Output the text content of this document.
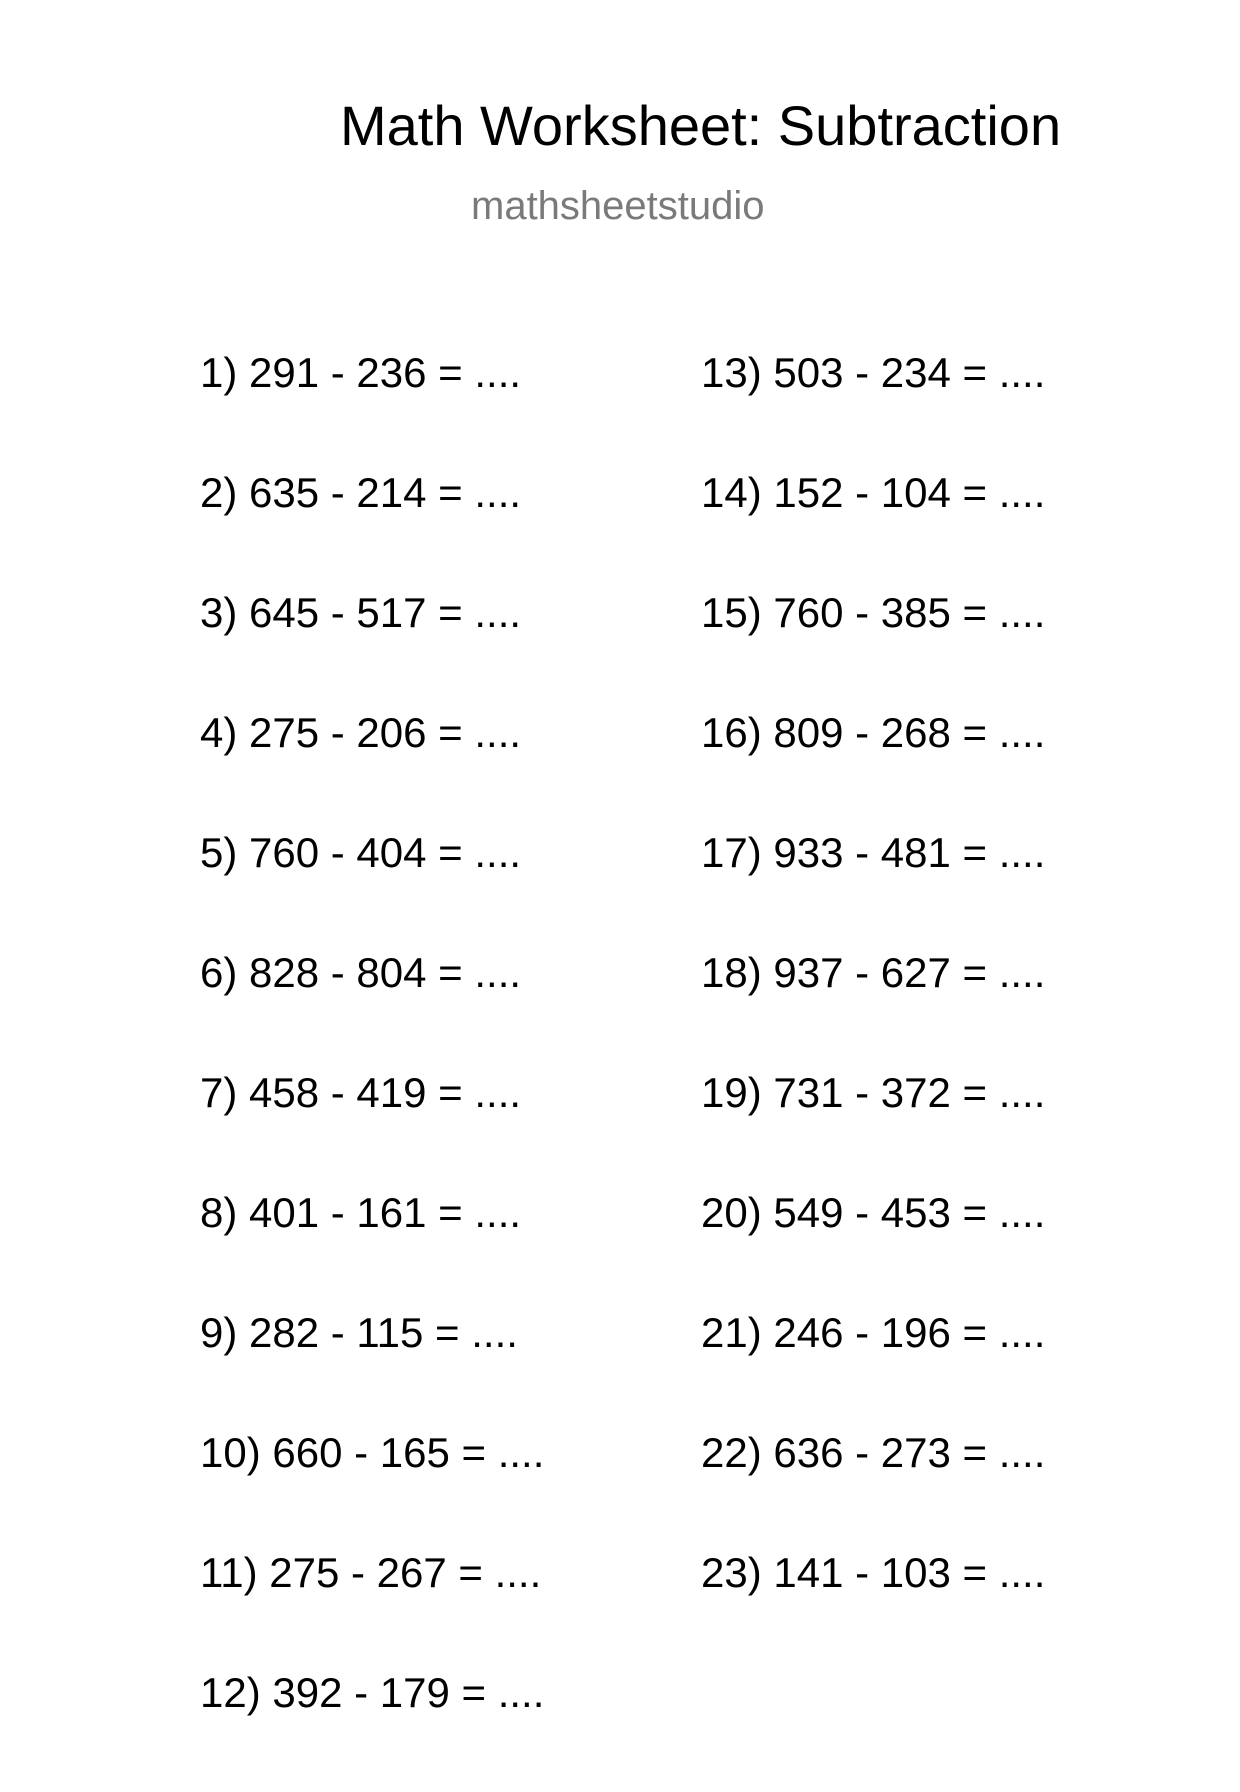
Math Worksheet: Subtraction
mathsheetstudio
1) 291 - 236 = ....
2) 635 - 214 = ....
3) 645 - 517 = ....
4) 275 - 206 = ....
5) 760 - 404 = ....
6) 828 - 804 = ....
7) 458 - 419 = ....
8) 401 - 161 = ....
9) 282 - 115 = ....
10) 660 - 165 = ....
11) 275 - 267 = ....
12) 392 - 179 = ....
13) 503 - 234 = ....
14) 152 - 104 = ....
15) 760 - 385 = ....
16) 809 - 268 = ....
17) 933 - 481 = ....
18) 937 - 627 = ....
19) 731 - 372 = ....
20) 549 - 453 = ....
21) 246 - 196 = ....
22) 636 - 273 = ....
23) 141 - 103 = ....
